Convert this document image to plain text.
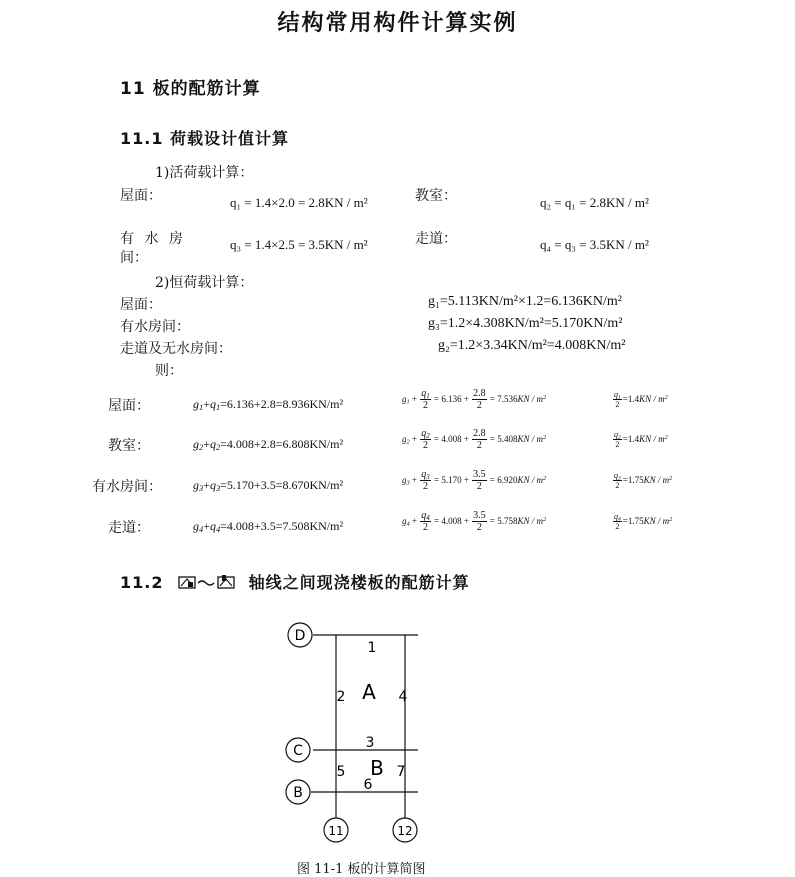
结构常用构件计算实例
11 板的配筋计算
11.1 荷载设计值计算
1)活荷载计算：
屋面：	q₁ = 1.4×2.0 = 2.8KN / m²	教室：	q₂ = q₁ = 2.8KN / m²
有 水 房
间：
q₃ = 1.4×2.5 = 3.5KN / m²	走道：	q₄ = q₃ = 3.5KN / m²
2)恒荷载计算：
屋面：	g₁=5.113KN/m²×1.2=6.136KN/m²
有水房间：	g₃=1.2×4.308KN/m²=5.170KN/m²
走道及无水房间：	g₂=1.2×3.34KN/m²=4.008KN/m²
则：
屋面：	$g_1+q_1=6.136+2.8=8.936KN/m^2$	$g_1 + \frac{q_1}{2} = 6.136 + \frac{2.8}{2} = 7.536KN / m^2$	$\frac{q_1}{2} =1.4KN / m^2$
教室：	$g_2+q_2=4.008+2.8=6.808KN/m^2$	$g_2 + \frac{q_2}{2} = 4.008 + \frac{2.8}{2} = 5.408KN / m^2$	$\frac{q_2}{2} =1.4KN / m^2$
有水房间：	$g_3+q_3=5.170+3.5=8.670KN/m^2$	$g_3 + \frac{q_3}{2} = 5.170 + \frac{3.5}{2} = 6.920KN / m^2$	$\frac{q_3}{2} =1.75KN / m^2$
走道：	$g_4+q_4=4.008+3.5=7.508KN/m^2$	$g_4 + \frac{q_4}{2} = 4.008 + \frac{3.5}{2} = 5.758KN / m^2$	$\frac{q_4}{2} =1.75KN / m^2$
11.2	轴线之间现浇楼板的配筋计算
D
C
B
11	12
A
B
1
2
3
4
5
6
7
图 11-1 板的计算简图
